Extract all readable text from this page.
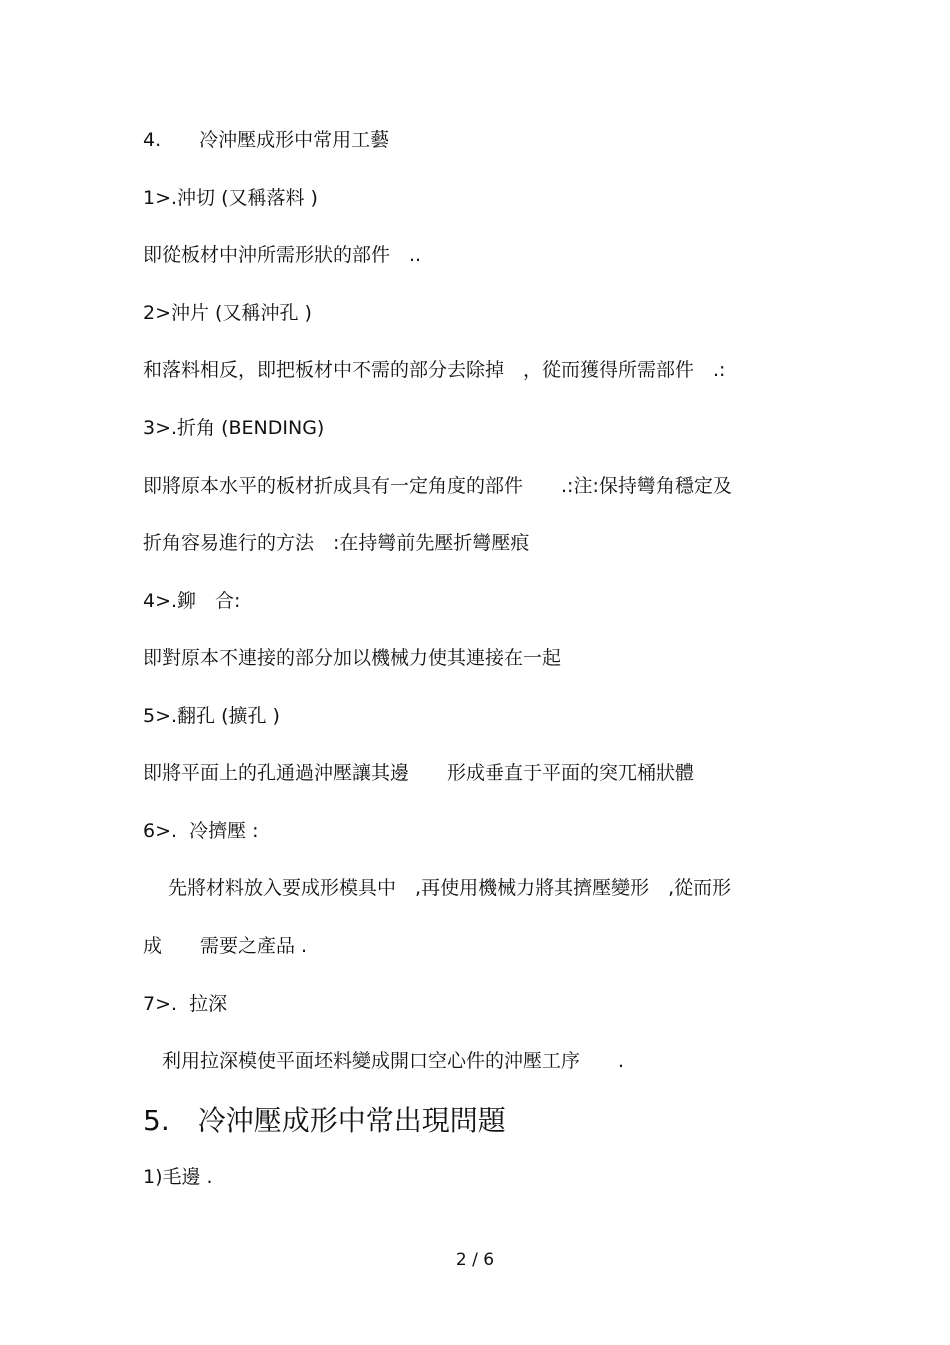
4.　　冷沖壓成形中常用工藝
1>.沖切 (又稱落料 )
即從板材中沖所需形狀的部件　..
2>沖片 (又稱沖孔 )
和落料相反，即把板材中不需的部分去除掉　，從而獲得所需部件　.:
3>.折角 (BENDING)
即將原本水平的板材折成具有一定角度的部件　　.:注:保持彎角穩定及
折角容易進行的方法　:在持彎前先壓折彎壓痕
4>.鉚　合:
即對原本不連接的部分加以機械力使其連接在一起
5>.翻孔 (擴孔 )
即將平面上的孔通過沖壓讓其邊　　形成垂直于平面的突兀桶狀體
6>.  冷擠壓 :
　 先將材料放入要成形模具中　,再使用機械力將其擠壓變形　,從而形
成　　需要之產品 .
7>.  拉深
　利用拉深模使平面坯料變成開口空心件的沖壓工序　　.
5.　冷沖壓成形中常出現問題
1)毛邊 .
2 / 6
